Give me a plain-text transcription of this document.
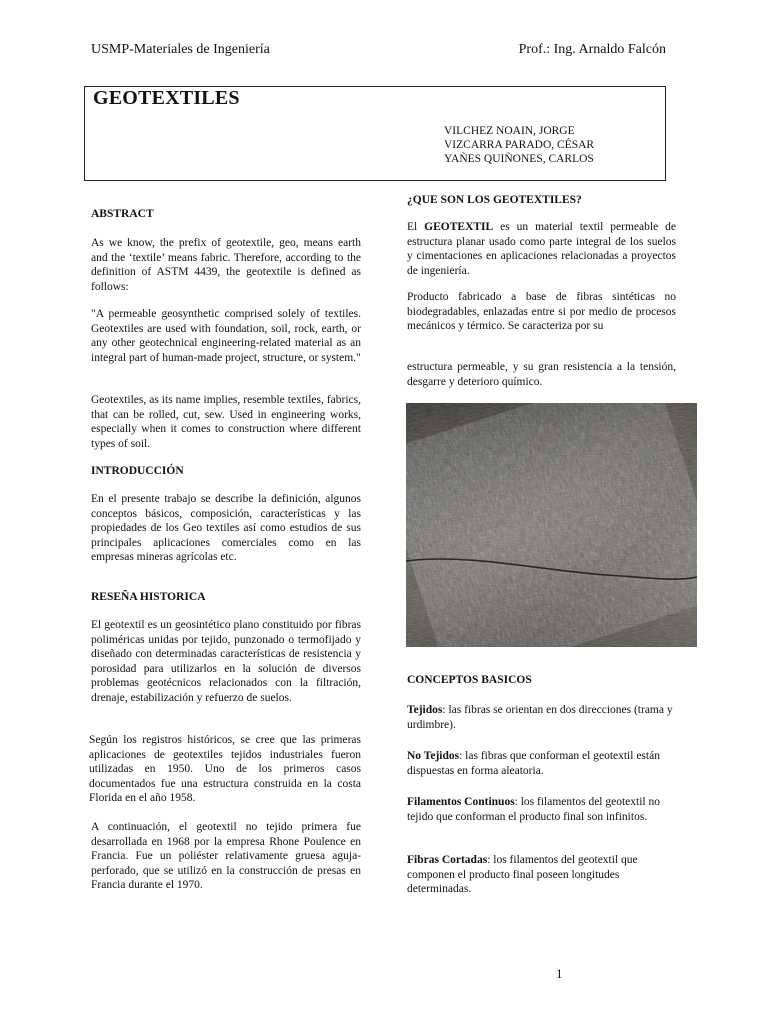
USMP-Materiales de Ingeniería	Prof.: Ing. Arnaldo Falcón
GEOTEXTILES
VILCHEZ NOAIN, JORGE
VIZCARRA PARADO, CÉSAR
YAÑES QUIÑONES, CARLOS
ABSTRACT

As we know, the prefix of geotextile, geo, means earth and the ‘textile’ means fabric. Therefore, according to the definition of ASTM 4439, the geotextile is defined as follows:

"A permeable geosynthetic comprised solely of textiles. Geotextiles are used with foundation, soil, rock, earth, or any other geotechnical engineering-related material as an integral part of human-made project, structure, or system."

Geotextiles, as its name implies, resemble textiles, fabrics, that can be rolled, cut, sew. Used in engineering works, especially when it comes to construction where different types of soil.

INTRODUCCIÓN

En el presente trabajo se describe la definición, algunos conceptos básicos, composición, características y las propiedades de los Geo textiles así como estudios de sus principales aplicaciones comerciales como en las empresas mineras agrícolas etc.

RESEÑA HISTORICA

El geotextil es un geosintético plano constituido por fibras poliméricas unidas por tejido, punzonado o termofijado y diseñado con determinadas características de resistencia y porosidad para utilizarlos en la solución de diversos problemas geotécnicos relacionados con la filtración, drenaje, estabilización y refuerzo de suelos.

Según los registros históricos, se cree que las primeras aplicaciones de geotextiles tejidos industriales fueron utilizadas en 1950. Uno de los primeros casos documentados fue una estructura construida en la costa Florida en el año 1958.

A continuación, el geotextil no tejido primera fue desarrollada en 1968 por la empresa Rhone Poulence en Francia. Fue un poliéster relativamente gruesa aguja-perforado, que se utilizó en la construcción de presas en Francia durante el 1970.

¿QUE SON LOS GEOTEXTILES?

El GEOTEXTIL es un material textil permeable de estructura planar usado como parte integral de los suelos y cimentaciones en aplicaciones relacionadas a proyectos de ingeniería.

Producto fabricado a base de fibras sintéticas no biodegradables, enlazadas entre si por medio de procesos mecánicos y térmico. Se caracteriza por su

estructura permeable, y su gran resistencia a la tensión, desgarre y deterioro químico.

CONCEPTOS BASICOS

Tejidos: las fibras se orientan en dos direcciones (trama y urdimbre).

No Tejidos: las fibras que conforman el geotextil están dispuestas en forma aleatoria.

Filamentos Continuos: los filamentos del geotextil no tejido que conforman el producto final son infinitos.

Fibras Cortadas: los filamentos del geotextil que componen el producto final poseen longitudes determinadas.

1
